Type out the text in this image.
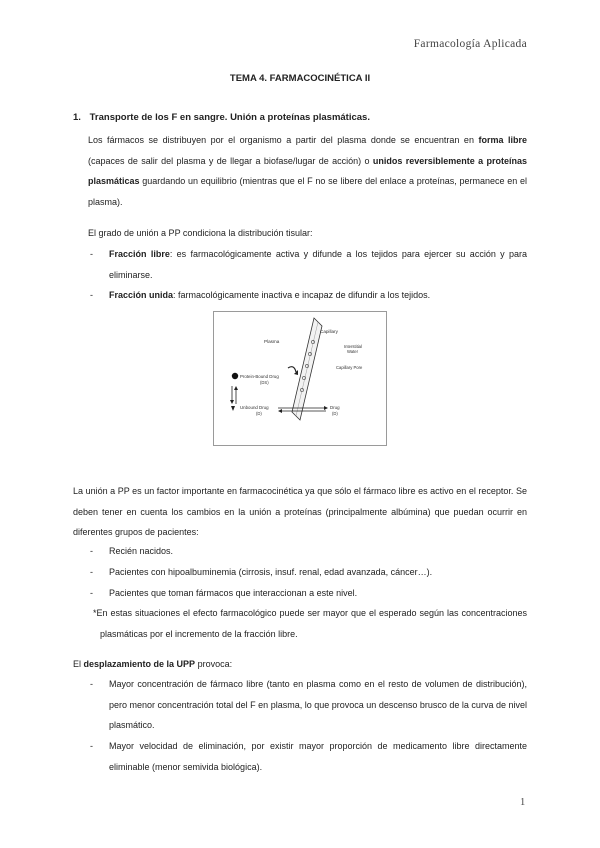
Farmacología Aplicada
TEMA 4. FARMACOCINÉTICA II
1. Transporte de los F en sangre. Unión a proteínas plasmáticas.
Los fármacos se distribuyen por el organismo a partir del plasma donde se encuentran en forma libre (capaces de salir del plasma y de llegar a biofase/lugar de acción) o unidos reversiblemente a proteínas plasmáticas guardando un equilibrio (mientras que el F no se libere del enlace a proteínas, permanece en el plasma).
El grado de unión a PP condiciona la distribución tisular:
- Fracción libre: es farmacológicamente activa y difunde a los tejidos para ejercer su acción y para eliminarse.
- Fracción unida: farmacológicamente inactiva e incapaz de difundir a los tejidos.
Capillary
Plasma
Interstitial
Water
Capillary Pore
Protein-Bound Drug
(DS)
Unbound Drug
(D)
Drug
(D)
La unión a PP es un factor importante en farmacocinética ya que sólo el fármaco libre es activo en el receptor. Se deben tener en cuenta los cambios en la unión a proteínas (principalmente albúmina) que puedan ocurrir en diferentes grupos de pacientes:
- Recién nacidos.
- Pacientes con hipoalbuminemia (cirrosis, insuf. renal, edad avanzada, cáncer…).
- Pacientes que toman fármacos que interaccionan a este nivel.
*En estas situaciones el efecto farmacológico puede ser mayor que el esperado según las concentraciones plasmáticas por el incremento de la fracción libre.
El desplazamiento de la UPP provoca:
- Mayor concentración de fármaco libre (tanto en plasma como en el resto de volumen de distribución), pero menor concentración total del F en plasma, lo que provoca un descenso brusco de la curva de nivel plasmático.
- Mayor velocidad de eliminación, por existir mayor proporción de medicamento libre directamente eliminable (menor semivida biológica).
1
